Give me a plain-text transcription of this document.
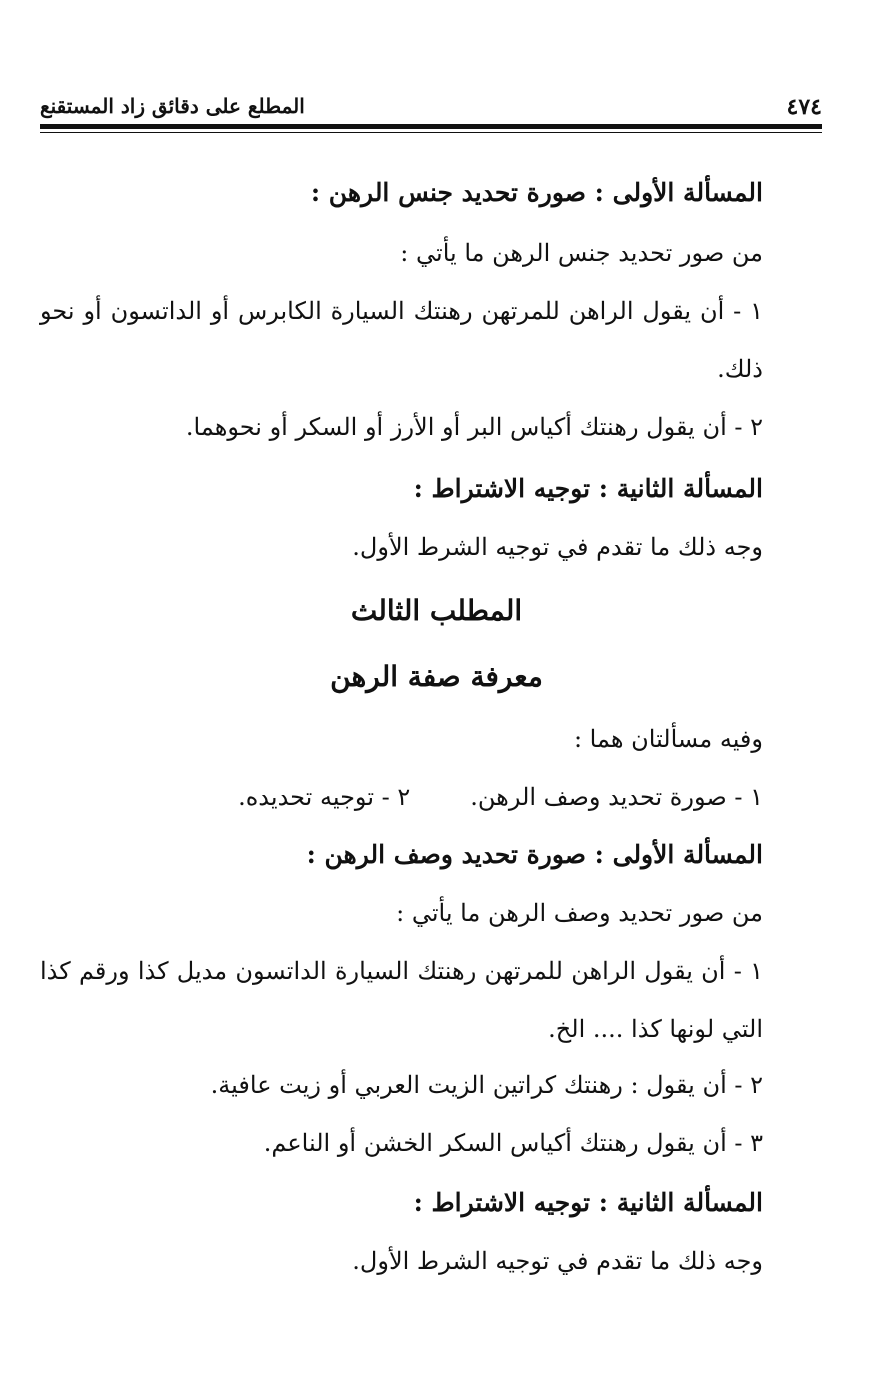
٤٧٤
المطلع على دقائق زاد المستقنع
المسألة الأولى : صورة تحديد جنس الرهن :
من صور تحديد جنس الرهن ما يأتي :
١ - أن يقول الراهن للمرتهن رهنتك السيارة الكابرس أو الداتسون أو نحو
ذلك.
٢ - أن يقول رهنتك أكياس البر أو الأرز أو السكر أو نحوهما.
المسألة الثانية : توجيه الاشتراط :
وجه ذلك ما تقدم في توجيه الشرط الأول.
المطلب الثالث
معرفة صفة الرهن
وفيه مسألتان هما :
١ - صورة تحديد وصف الرهن.٢ - توجيه تحديده.
المسألة الأولى : صورة تحديد وصف الرهن :
من صور تحديد وصف الرهن ما يأتي :
١ - أن يقول الراهن للمرتهن رهنتك السيارة الداتسون مديل كذا ورقم كذا
التي لونها كذا .... الخ.
٢ - أن يقول : رهنتك كراتين الزيت العربي أو زيت عافية.
٣ - أن يقول رهنتك أكياس السكر الخشن أو الناعم.
المسألة الثانية : توجيه الاشتراط :
وجه ذلك ما تقدم في توجيه الشرط الأول.
